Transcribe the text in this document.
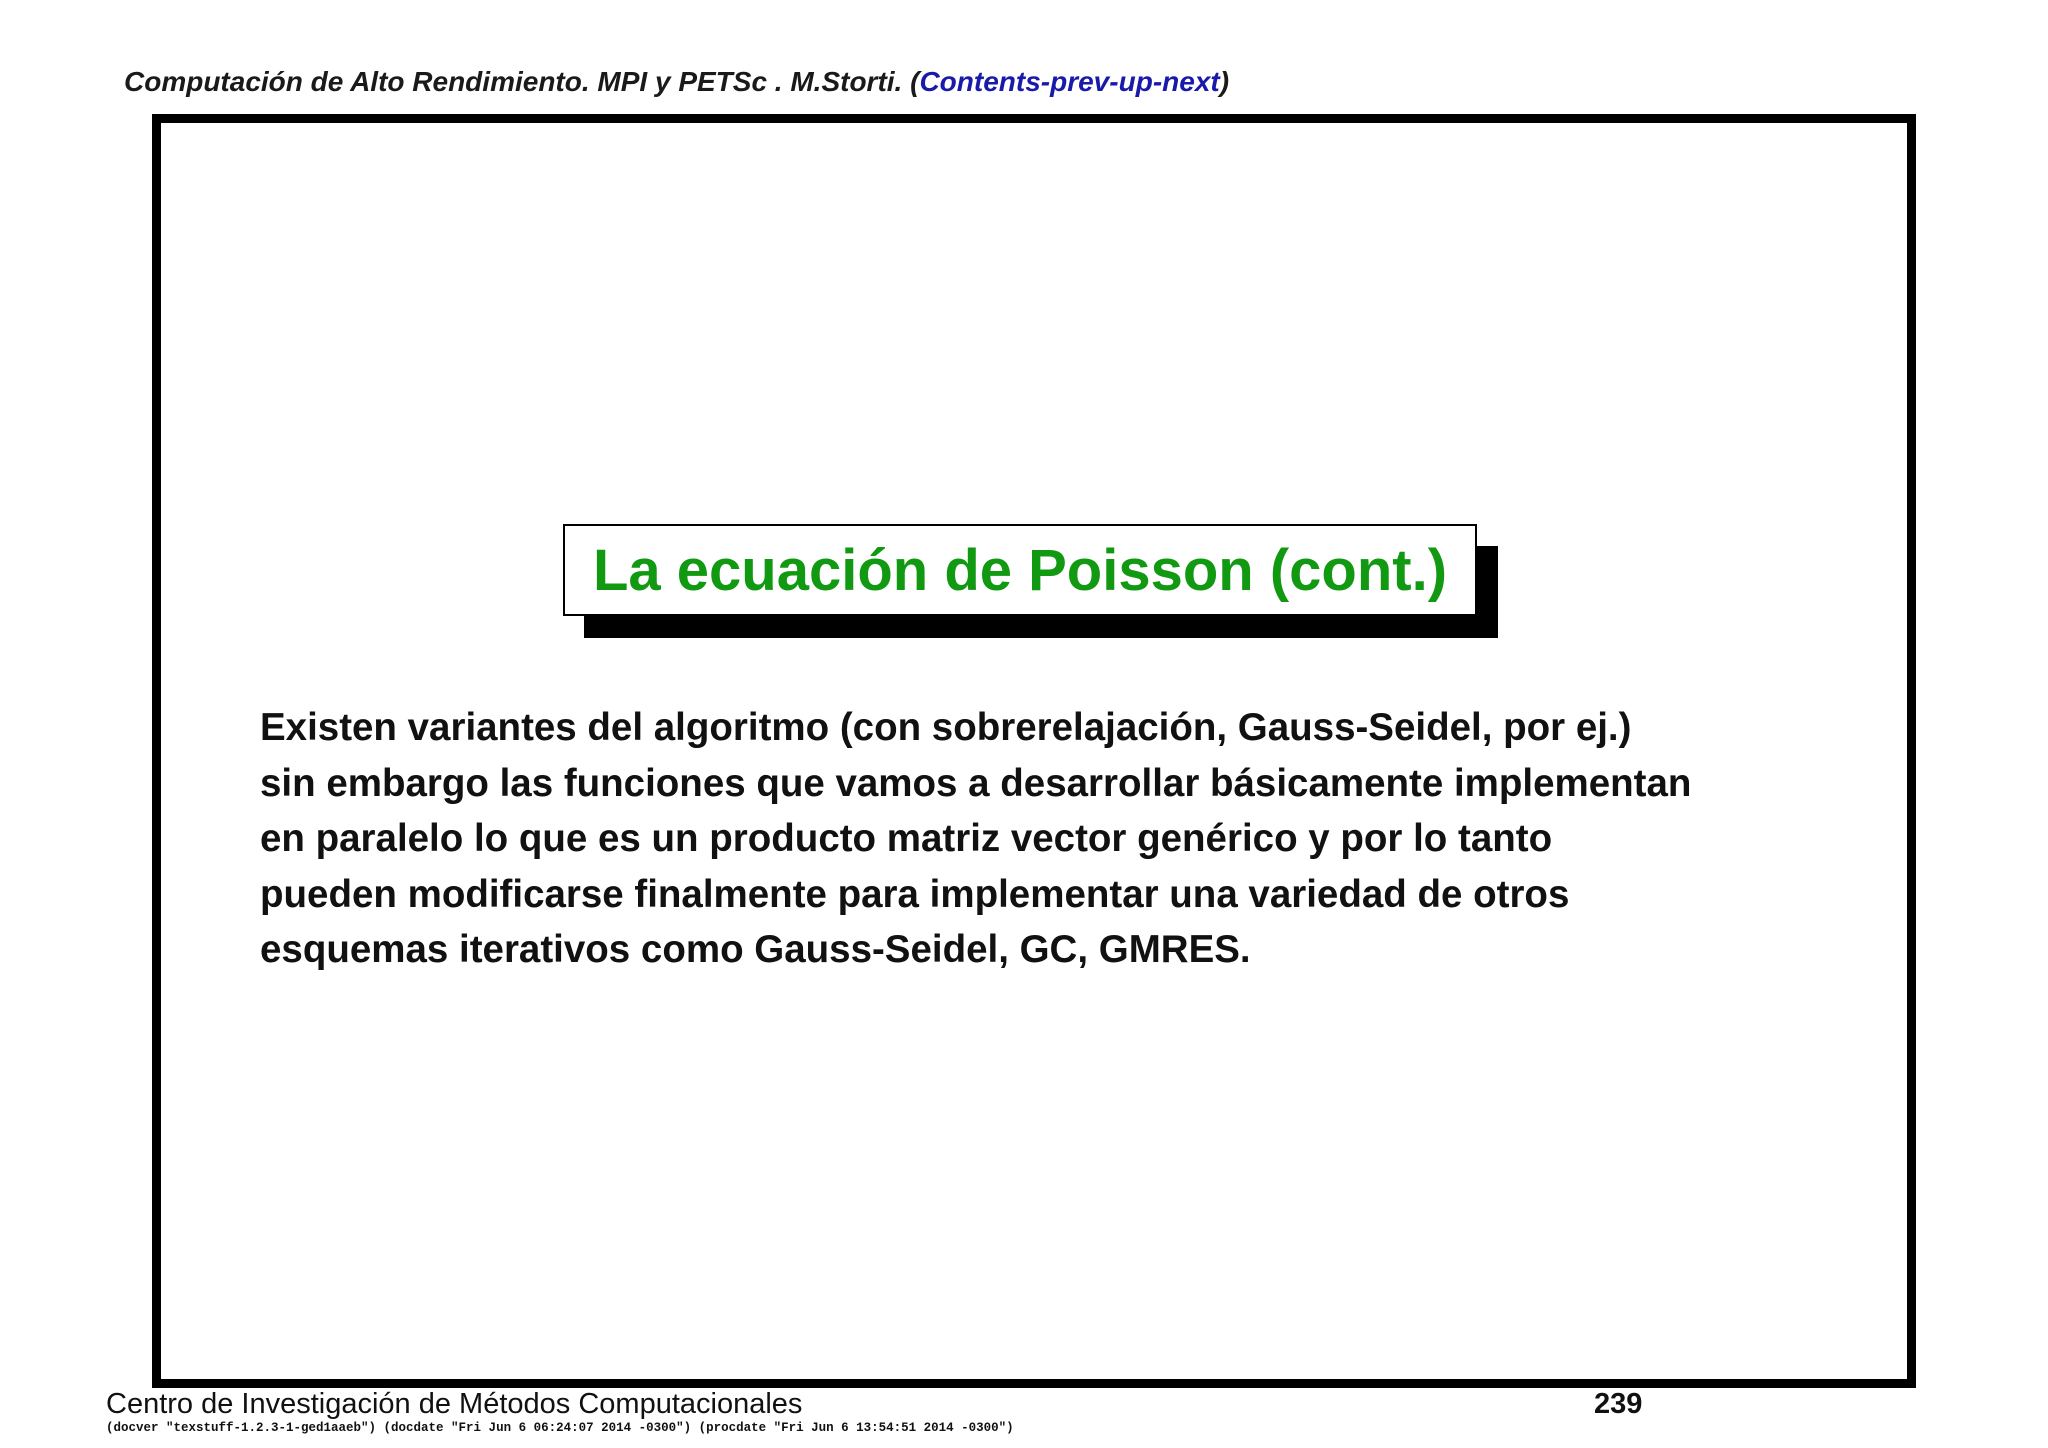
Computación de Alto Rendimiento. MPI y PETSc . M.Storti. (Contents-prev-up-next)
La ecuación de Poisson (cont.)
Existen variantes del algoritmo (con sobrerelajación, Gauss-Seidel, por ej.)
sin embargo las funciones que vamos a desarrollar básicamente implementan
en paralelo lo que es un producto matriz vector genérico y por lo tanto
pueden modificarse finalmente para implementar una variedad de otros
esquemas iterativos como Gauss-Seidel, GC, GMRES.
Centro de Investigación de Métodos Computacionales	239
(docver "texstuff-1.2.3-1-ged1aaeb") (docdate "Fri Jun 6 06:24:07 2014 -0300") (procdate "Fri Jun 6 13:54:51 2014 -0300")
